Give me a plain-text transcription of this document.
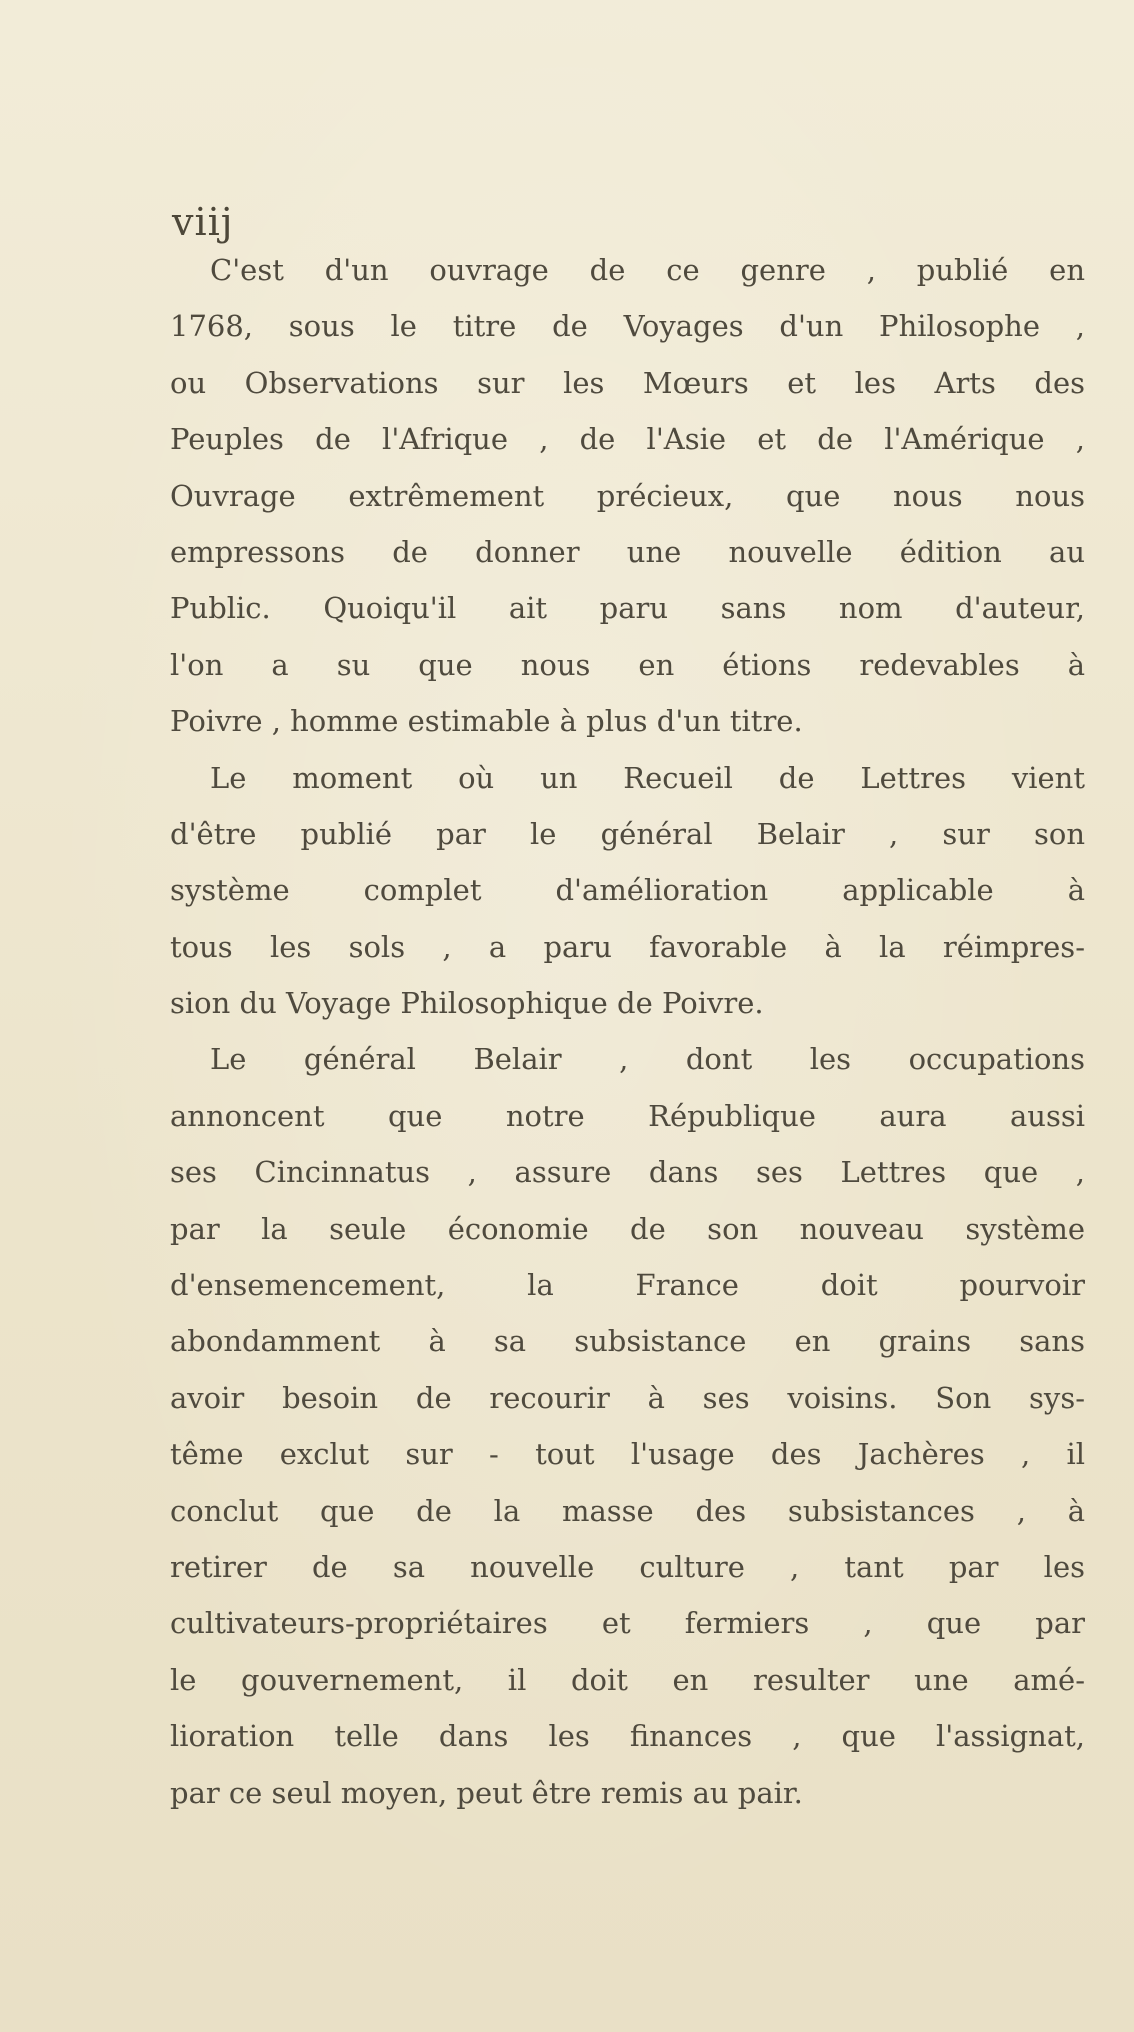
viij
C'est d'un ouvrage de ce genre , publié en
1768, sous le titre de Voyages d'un Philosophe ,
ou Observations sur les Mœurs et les Arts des
Peuples de l'Afrique , de l'Asie et de l'Amérique ,
Ouvrage extrêmement précieux, que nous nous
empressons de donner une nouvelle édition au
Public. Quoiqu'il ait paru sans nom d'auteur,
l'on a su que nous en étions redevables à
Poivre , homme estimable à plus d'un titre.
Le moment où un Recueil de Lettres vient
d'être publié par le général Belair , sur son
système complet d'amélioration applicable à
tous les sols , a paru favorable à la réimpres-
sion du Voyage Philosophique de Poivre.
Le général Belair , dont les occupations
annoncent que notre République aura aussi
ses Cincinnatus , assure dans ses Lettres que ,
par la seule économie de son nouveau système
d'ensemencement, la France doit pourvoir
abondamment à sa subsistance en grains sans
avoir besoin de recourir à ses voisins. Son sys-
tême exclut sur - tout l'usage des Jachères , il
conclut que de la masse des subsistances , à
retirer de sa nouvelle culture , tant par les
cultivateurs-propriétaires et fermiers , que par
le gouvernement, il doit en resulter une amé-
lioration telle dans les finances , que l'assignat,
par ce seul moyen, peut être remis au pair.
